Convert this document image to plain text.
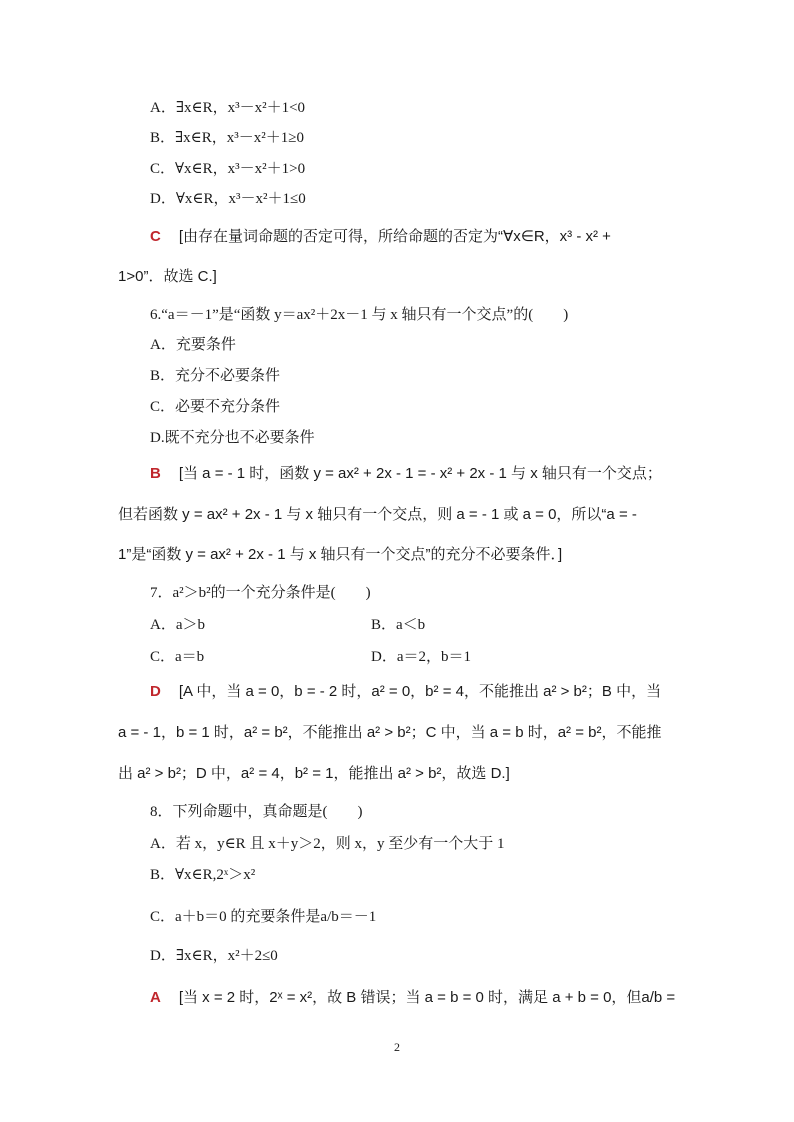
A．∃x∈R，x³－x²＋1<0
B．∃x∈R，x³－x²＋1≥0
C．∀x∈R，x³－x²＋1>0
D．∀x∈R，x³－x²＋1≤0
C [由存在量词命题的否定可得，所给命题的否定为“∀x∈R，x³ - x² +
1>0”．故选 C.]
6.“a＝－1”是“函数 y＝ax²＋2x－1 与 x 轴只有一个交点”的(　　)
A．充要条件
B．充分不必要条件
C．必要不充分条件
D.既不充分也不必要条件
B [当 a = - 1 时，函数 y = ax² + 2x - 1 = - x² + 2x - 1 与 x 轴只有一个交点；
但若函数 y = ax² + 2x - 1 与 x 轴只有一个交点，则 a = - 1 或 a = 0，所以“a = -
1”是“函数 y = ax² + 2x - 1 与 x 轴只有一个交点”的充分不必要条件．]
7．a²＞b²的一个充分条件是(　　)
A．a＞b	B．a＜b
C．a＝b	D．a＝2，b＝1
D [A 中，当 a = 0，b = - 2 时，a² = 0，b² = 4，不能推出 a² > b²；B 中，当
a = - 1，b = 1 时，a² = b²，不能推出 a² > b²；C 中，当 a = b 时，a² = b²，不能推
出 a² > b²；D 中，a² = 4，b² = 1，能推出 a² > b²，故选 D.]
8．下列命题中，真命题是(　　)
A．若 x，y∈R 且 x＋y＞2，则 x，y 至少有一个大于 1
B．∀x∈R,2ˣ＞x²
C．a＋b＝0 的充要条件是a/b＝－1
D．∃x∈R，x²＋2≤0
A [当 x = 2 时，2ˣ = x²，故 B 错误；当 a = b = 0 时，满足 a + b = 0，但a/b =
2
